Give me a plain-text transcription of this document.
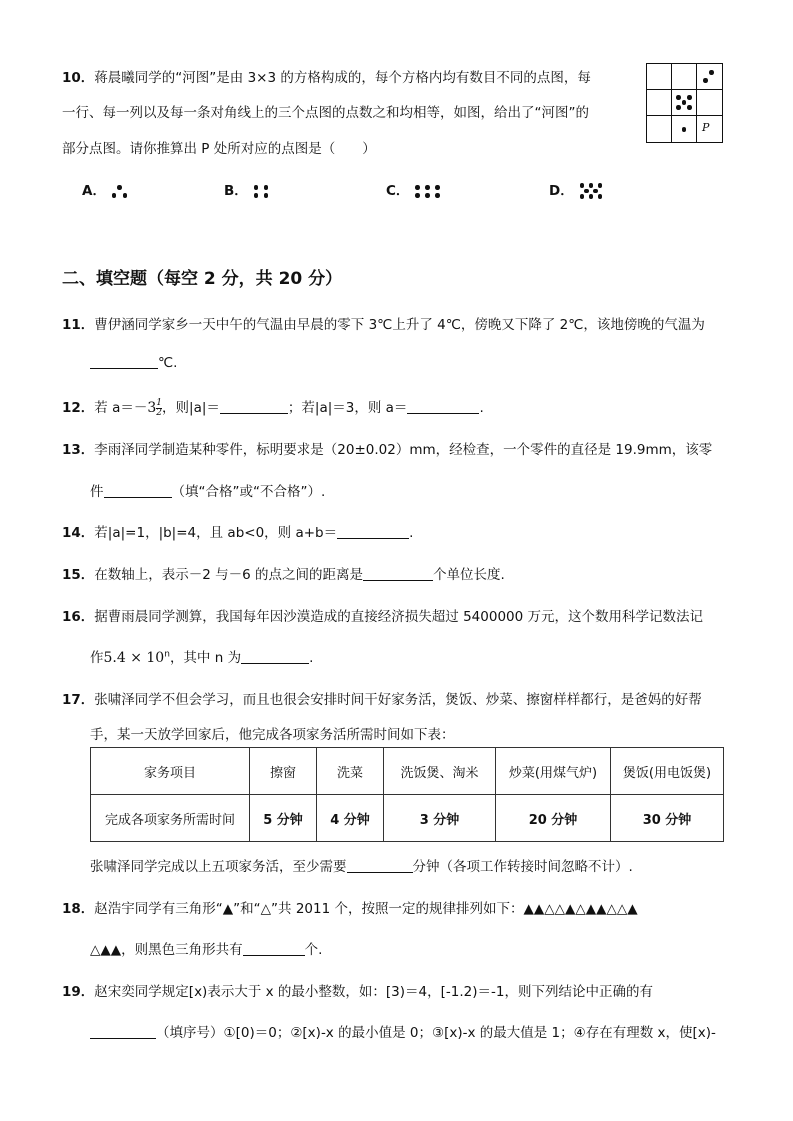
10．蒋晨曦同学的“河图”是由 3×3 的方格构成的，每个方格内均有数目不同的点图，每
一行、每一列以及每一条对角线上的三个点图的点数之和均相等，如图，给出了“河图”的
部分点图。请你推算出 P 处所对应的点图是（　　）
P
A．	B．	C．	D．
二、填空题（每空 2 分，共 20 分）
11．曹伊涵同学家乡一天中午的气温由早晨的零下 3℃上升了 4℃，傍晚又下降了 2℃，该地傍晚的气温为
℃.
12．若 $a=-3 \frac{1}{2}$ ，则|a|＝	；若|a|＝3，则 a＝	.
13．李雨泽同学制造某种零件，标明要求是（20±0.02）mm，经检查，一个零件的直径是 19.9mm，该零
件	（填“合格”或“不合格”）.
14．若|a|=1，|b|=4，且 ab<0，则 a+b＝	.
15．在数轴上，表示－2 与－6 的点之间的距离是	个单位长度.
16．据曹雨晨同学测算，我国每年因沙漠造成的直接经济损失超过 5400000 万元，这个数用科学记数法记
作$5.4 \times 10^n$，其中 n 为	.
17．张啸泽同学不但会学习，而且也很会安排时间干好家务活，煲饭、炒菜、擦窗样样都行，是爸妈的好帮
手，某一天放学回家后，他完成各项家务活所需时间如下表：
家务项目	擦窗	洗菜	洗饭煲、淘米	炒菜(用煤气炉)	煲饭(用电饭煲)
完成各项家务所需时间	5 分钟	4 分钟	3 分钟	20 分钟	30 分钟
张啸泽同学完成以上五项家务活，至少需要	分钟（各项工作转接时间忽略不计）.
18．赵浩宇同学有三角形“▲”和“△”共 2011 个，按照一定的规律排列如下：▲▲△△▲△▲▲△△▲
△▲▲，则黑色三角形共有	个.
19．赵宋奕同学规定[x)表示大于 x 的最小整数，如：[3)＝4，[-1.2)＝-1，则下列结论中正确的有
（填序号）①[0)＝0；②[x)-x 的最小值是 0；③[x)-x 的最大值是 1；④存在有理数 x，使[x)-
